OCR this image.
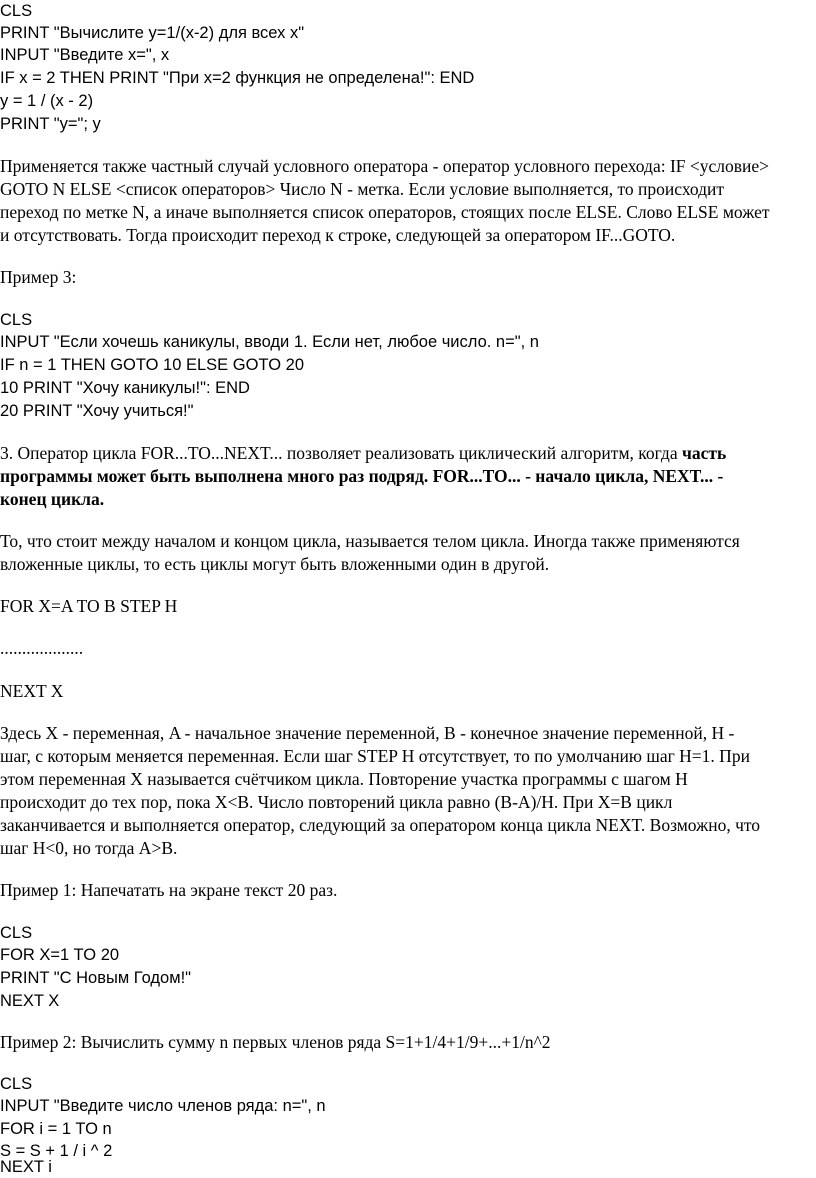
CLS
PRINT "Вычислите y=1/(x-2) для всех x"
INPUT "Введите x=", x
IF x = 2 THEN PRINT "При x=2 функция не определена!": END
y = 1 / (x - 2)
PRINT "y="; y
Применяется также частный случай условного оператора - оператор условного перехода: IF <условие>
GOTO N ELSE <список операторов> Число N - метка. Если условие выполняется, то происходит
переход по метке N, а иначе выполняется список операторов, стоящих после ELSE. Слово ELSE может
и отсутствовать. Тогда происходит переход к строке, следующей за оператором IF...GOTO.
Пример 3:
CLS
INPUT "Если хочешь каникулы, вводи 1. Если нет, любое число. n=", n
IF n = 1 THEN GOTO 10 ELSE GOTO 20
10 PRINT "Хочу каникулы!": END
20 PRINT "Хочу учиться!"
3. Оператор цикла FOR...TO...NEXT... позволяет реализовать циклический алгоритм, когда часть
программы может быть выполнена много раз подряд. FOR...TO... - начало цикла, NEXT... -
конец цикла.
То, что стоит между началом и концом цикла, называется телом цикла. Иногда также применяются
вложенные циклы, то есть циклы могут быть вложенными один в другой.
FOR X=A TO B STEP H
...................
NEXT X
Здесь X - переменная, A - начальное значение переменной, B - конечное значение переменной, H -
шаг, с которым меняется переменная. Если шаг STEP H отсутствует, то по умолчанию шаг H=1. При
этом переменная X называется счётчиком цикла. Повторение участка программы с шагом H
происходит до тех пор, пока X<B. Число повторений цикла равно (B-A)/H. При X=B цикл
заканчивается и выполняется оператор, следующий за оператором конца цикла NEXT. Возможно, что
шаг H<0, но тогда A>B.
Пример 1: Напечатать на экране текст 20 раз.
CLS
FOR X=1 TO 20
PRINT "С Новым Годом!"
NEXT X
Пример 2: Вычислить сумму n первых членов ряда S=1+1/4+1/9+...+1/n^2
CLS
INPUT "Введите число членов ряда: n=", n
FOR i = 1 TO n
S = S + 1 / i ^ 2
NEXT i
